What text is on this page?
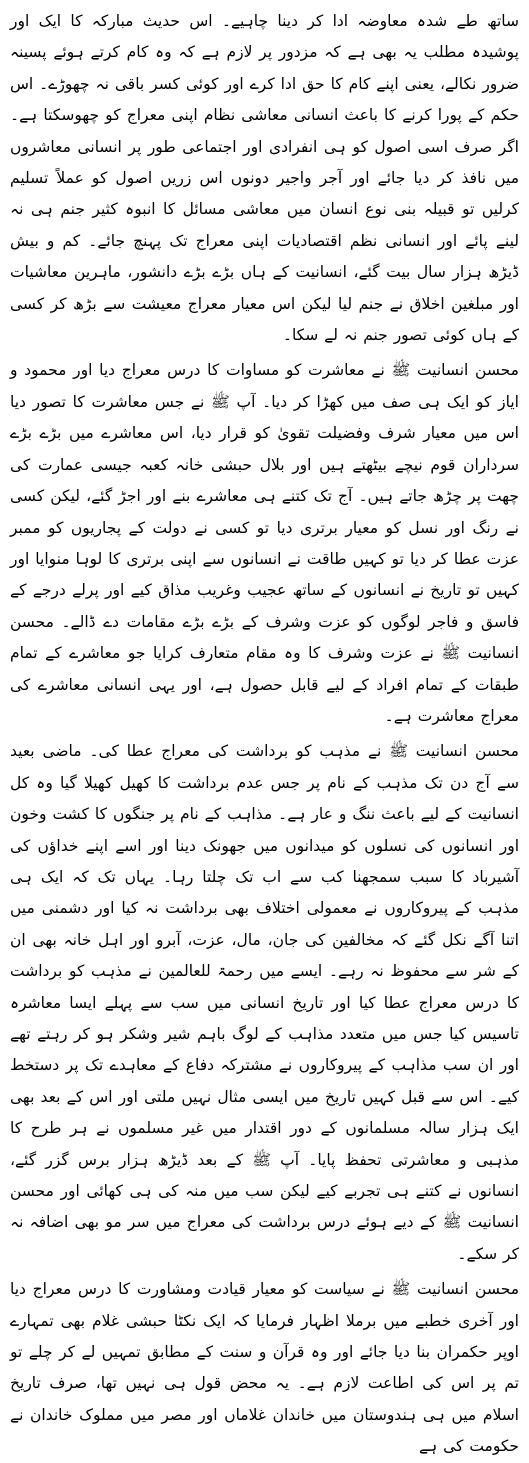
ساتھ طے شدہ معاوضہ ادا کر دینا چاہیے۔ اس حدیث مبارکہ کا ایک اور پوشیدہ مطلب یہ بھی ہے کہ مزدور پر لازم ہے کہ وہ کام کرتے ہوئے پسینہ ضرور نکالے، یعنی اپنے کام کا حق ادا کرے اور کوئی کسر باقی نہ چھوڑے۔ اس حکم کے پورا کرنے کا باعث انسانی معاشی نظام اپنی معراج کو چھوسکتا ہے۔ اگر صرف اسی اصول کو ہی انفرادی اور اجتماعی طور پر انسانی معاشروں میں نافذ کر دیا جائے اور آجر واجیر دونوں اس زریں اصول کو عملاً تسلیم کرلیں تو قبیلہ بنی نوع انسان میں معاشی مسائل کا انبوہ کثیر جنم ہی نہ لینے پائے اور انسانی نظم اقتصادیات اپنی معراج تک پہنچ جائے۔ کم و بیش ڈیڑھ ہزار سال بیت گئے، انسانیت کے ہاں بڑے بڑے دانشور، ماہرین معاشیات اور مبلغین اخلاق نے جنم لیا لیکن اس معیار معراج معیشت سے بڑھ کر کسی کے ہاں کوئی تصور جنم نہ لے سکا۔

محسن انسانیت ﷺ نے معاشرت کو مساوات کا درس معراج دیا اور محمود و ایاز کو ایک ہی صف میں کھڑا کر دیا۔ آپ ﷺ نے جس معاشرت کا تصور دیا اس میں معیار شرف وفضیلت تقویٰ کو قرار دیا، اس معاشرے میں بڑے بڑے سرداران قوم نیچے بیٹھتے ہیں اور بلال حبشی خانہ کعبہ جیسی عمارت کی چھت پر چڑھ جاتے ہیں۔ آج تک کتنے ہی معاشرے بنے اور اجڑ گئے، لیکن کسی نے رنگ اور نسل کو معیار برتری دیا تو کسی نے دولت کے پجاریوں کو ممبر عزت عطا کر دیا تو کہیں طاقت نے انسانوں سے اپنی برتری کا لوہا منوایا اور کہیں تو تاریخ نے انسانوں کے ساتھ عجیب وغریب مذاق کیے اور پرلے درجے کے فاسق و فاجر لوگوں کو عزت وشرف کے بڑے بڑے مقامات دے ڈالے۔ محسن انسانیت ﷺ نے عزت وشرف کا وہ مقام متعارف کرایا جو معاشرے کے تمام طبقات کے تمام افراد کے لیے قابل حصول ہے، اور یہی انسانی معاشرے کی معراج معاشرت ہے۔

محسن انسانیت ﷺ نے مذہب کو برداشت کی معراج عطا کی۔ ماضی بعید سے آج دن تک مذہب کے نام پر جس عدم برداشت کا کھیل کھیلا گیا وہ کل انسانیت کے لیے باعث ننگ و عار ہے۔ مذاہب کے نام پر جنگوں کا کشت وخون اور انسانوں کی نسلوں کو میدانوں میں جھونک دینا اور اسے اپنے خداؤں کی آشیرباد کا سبب سمجھنا کب سے اب تک چلتا رہا۔ یہاں تک کہ ایک ہی مذہب کے پیروکاروں نے معمولی اختلاف بھی برداشت نہ کیا اور دشمنی میں اتنا آگے نکل گئے کہ مخالفین کی جان، مال، عزت، آبرو اور اہل خانہ بھی ان کے شر سے محفوظ نہ رہے۔ ایسے میں رحمۃ للعالمین نے مذہب کو برداشت کا درس معراج عطا کیا اور تاریخ انسانی میں سب سے پہلے ایسا معاشرہ تاسیس کیا جس میں متعدد مذاہب کے لوگ باہم شیر وشکر ہو کر رہتے تھے اور ان سب مذاہب کے پیروکاروں نے مشترکہ دفاع کے معاہدے تک پر دستخط کیے۔ اس سے قبل کہیں تاریخ میں ایسی مثال نہیں ملتی اور اس کے بعد بھی ایک ہزار سالہ مسلمانوں کے دور اقتدار میں غیر مسلموں نے ہر طرح کا مذہبی و معاشرتی تحفظ پایا۔ آپ ﷺ کے بعد ڈیڑھ ہزار برس گزر گئے، انسانوں نے کتنے ہی تجربے کیے لیکن سب میں منہ کی ہی کھائی اور محسن انسانیت ﷺ کے دیے ہوئے درس برداشت کی معراج میں سر مو بھی اضافہ نہ کر سکے۔

محسن انسانیت ﷺ نے سیاست کو معیار قیادت ومشاورت کا درس معراج دیا اور آخری خطبے میں برملا اظہار فرمایا کہ ایک نکٹا حبشی غلام بھی تمہارے اوپر حکمران بنا دیا جائے اور وہ قرآن و سنت کے مطابق تمہیں لے کر چلے تو تم پر اس کی اطاعت لازم ہے۔ یہ محض قول ہی نہیں تھا، صرف تاریخ اسلام میں ہی ہندوستان میں خاندان غلاماں اور مصر میں مملوک خاندان نے حکومت کی ہے
